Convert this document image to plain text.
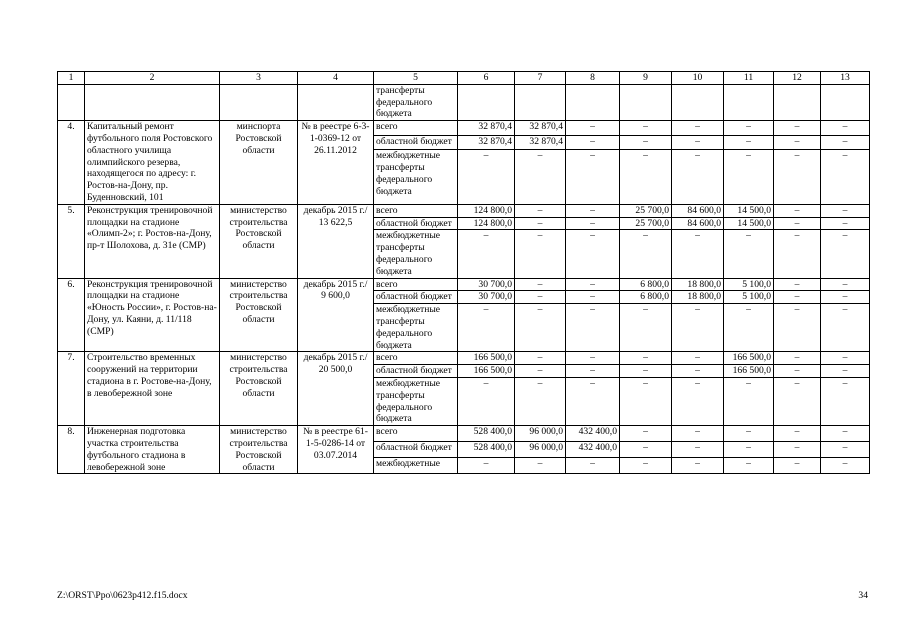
1	2	3	4	5	6	7	8	9	10	11	12	13
				трансферты федерального бюджета								
4.	Капитальный ремонт футбольного поля Ростовского областного училища олимпийского резерва, находящегося по адресу: г. Ростов-на-Дону, пр. Буденновский, 101	минспорта Ростовской области	№ в реестре 6-3-1-0369-12 от 26.11.2012	всего	32 870,4	32 870,4	–	–	–	–	–	–
				областной бюджет	32 870,4	32 870,4	–	–	–	–	–	–
				межбюджетные трансферты федерального бюджета	–	–	–	–	–	–	–	–
5.	Реконструкция тренировочной площадки на стадионе «Олимп-2»; г. Ростов-на-Дону, пр-т Шолохова, д. 31е (СМР)	министерство строительства Ростовской области	декабрь 2015 г./ 13 622,5	всего	124 800,0	–	–	25 700,0	84 600,0	14 500,0	–	–
				областной бюджет	124 800,0	–	–	25 700,0	84 600,0	14 500,0	–	–
				межбюджетные трансферты федерального бюджета	–	–	–	–	–	–	–	–
6.	Реконструкция тренировочной площадки на стадионе «Юность России», г. Ростов-на-Дону, ул. Каяни, д. 11/118 (СМР)	министерство строительства Ростовской области	декабрь 2015 г./ 9 600,0	всего	30 700,0	–	–	6 800,0	18 800,0	5 100,0	–	–
				областной бюджет	30 700,0	–	–	6 800,0	18 800,0	5 100,0	–	–
				межбюджетные трансферты федерального бюджета	–	–	–	–	–	–	–	–
7.	Строительство временных сооружений на территории стадиона в г. Ростове-на-Дону, в левобережной зоне	министерство строительства Ростовской области	декабрь 2015 г./ 20 500,0	всего	166 500,0	–	–	–	–	166 500,0	–	–
				областной бюджет	166 500,0	–	–	–	–	166 500,0	–	–
				межбюджетные трансферты федерального бюджета	–	–	–	–	–	–	–	–
8.	Инженерная подготовка участка строительства футбольного стадиона в левобережной зоне	министерство строительства Ростовской области	№ в реестре 61-1-5-0286-14 от 03.07.2014	всего	528 400,0	96 000,0	432 400,0	–	–	–	–	–
				областной бюджет	528 400,0	96 000,0	432 400,0	–	–	–	–	–
				межбюджетные	–	–	–	–	–	–	–	–
Z:\ORST\Ppo\0623p412.f15.docx	34
